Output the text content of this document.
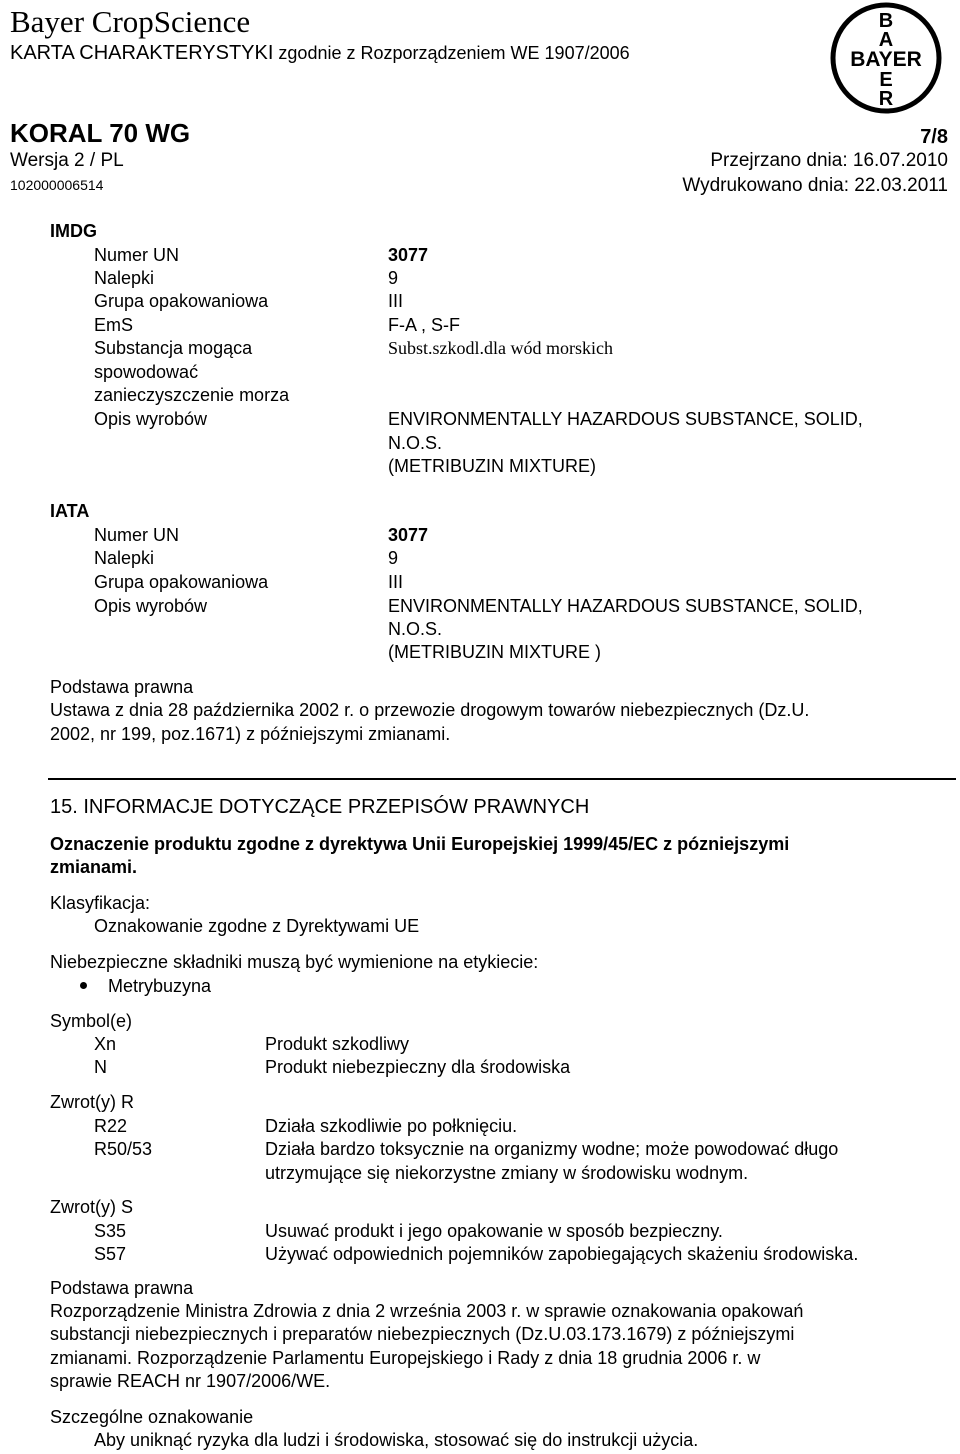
Bayer CropScience
KARTA CHARAKTERYSTYKI zgodnie z Rozporządzeniem WE 1907/2006
B
A
BAYER
E
R
KORAL 70 WG	7/8
Wersja 2 / PL
102000006514
Przejrzano dnia: 16.07.2010
Wydrukowano dnia: 22.03.2011
IMDG
Numer UN	3077
Nalepki	9
Grupa opakowaniowa	III
EmS	F-A , S-F
Substancja mogąca	Subst.szkodl.dla wód morskich
spowodować
zanieczyszczenie morza
Opis wyrobów	ENVIRONMENTALLY HAZARDOUS SUBSTANCE, SOLID,
N.O.S.
(METRIBUZIN MIXTURE)
IATA
Numer UN	3077
Nalepki	9
Grupa opakowaniowa	III
Opis wyrobów	ENVIRONMENTALLY HAZARDOUS SUBSTANCE, SOLID,
N.O.S.
(METRIBUZIN MIXTURE )
Podstawa prawna
Ustawa z dnia 28 października 2002 r. o przewozie drogowym towarów niebezpiecznych (Dz.U.
2002, nr 199, poz.1671) z późniejszymi zmianami.
15. INFORMACJE DOTYCZĄCE PRZEPISÓW PRAWNYCH
Oznaczenie produktu zgodne z dyrektywa Unii Europejskiej 1999/45/EC z pózniejszymi
zmianami.
Klasyfikacja:
Oznakowanie zgodne z Dyrektywami UE
Niebezpieczne składniki muszą być wymienione na etykiecie:
Metrybuzyna
Symbol(e)
Xn	Produkt szkodliwy
N	Produkt niebezpieczny dla środowiska
Zwrot(y) R
R22	Działa szkodliwie po połknięciu.
R50/53	Działa bardzo toksycznie na organizmy wodne; może powodować długo
utrzymujące się niekorzystne zmiany w środowisku wodnym.
Zwrot(y) S
S35	Usuwać produkt i jego opakowanie w sposób bezpieczny.
S57	Używać odpowiednich pojemników zapobiegających skażeniu środowiska.
Podstawa prawna
Rozporządzenie Ministra Zdrowia z dnia 2 września 2003 r. w sprawie oznakowania opakowań
substancji niebezpiecznych i preparatów niebezpiecznych (Dz.U.03.173.1679) z późniejszymi
zmianami. Rozporządzenie Parlamentu Europejskiego i Rady z dnia 18 grudnia 2006 r. w
sprawie REACH nr 1907/2006/WE.
Szczególne oznakowanie
Aby uniknąć ryzyka dla ludzi i środowiska, stosować się do instrukcji użycia.
